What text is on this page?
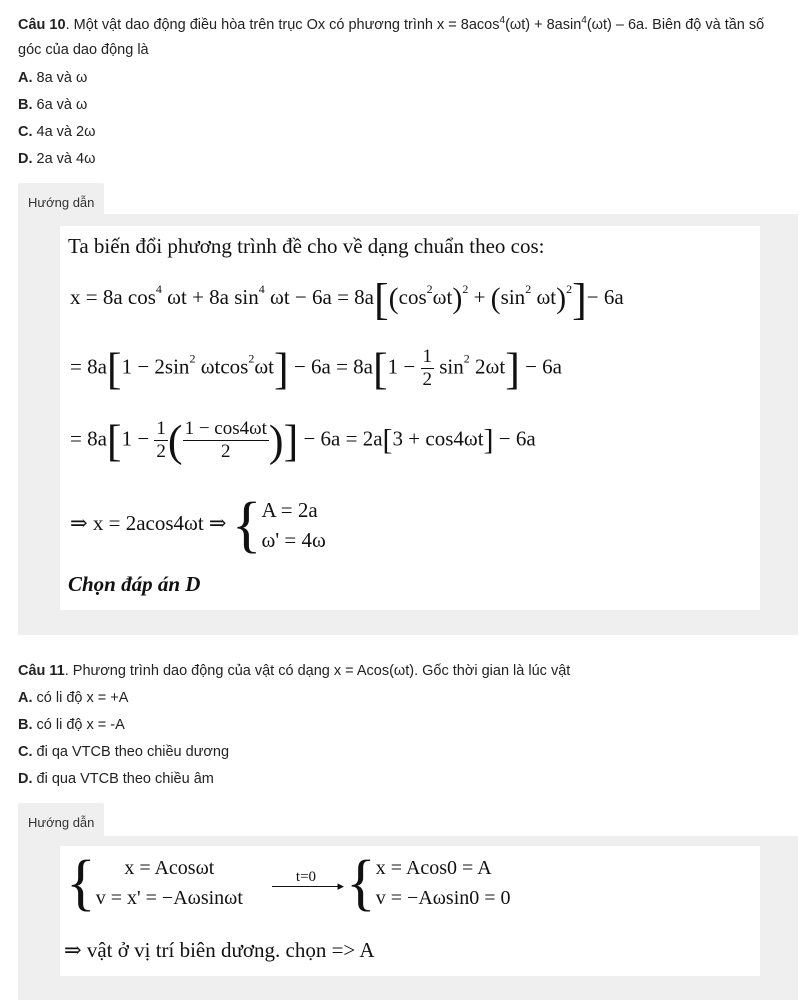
Câu 10. Một vật dao động điều hòa trên trục Ox có phương trình x = 8acos$^4$(ωt) + 8asin$^4$(ωt) – 6a. Biên độ và tần số góc của dao động là
A. 8a và ω
B. 6a và ω
C. 4a và 2ω
D. 2a và 4ω
Hướng dẫn
Ta biến đổi phương trình đề cho về dạng chuẩn theo cos:
x = 8a $\cos^4 \omega t + 8a$ $\sin^4 \omega t - 6a = 8a[(\cos^2\omega t)^2 + (\sin^2$ ωt)$^2$]− 6a
= $8a[1 - 2\sin^2$ $\omega tcos^2\omega t] - 6a = 8a[1 - \frac{1}{2} \sin^2 2\omega t] - 6a$
= $8a[1 - \frac{1}{2}$ ( $\frac{1 - \cos 4\omega t}{2}$ )] − 6a = 2a[3 + cos4ωt] − 6a
⇒ x = 2acos4ωt ⇒ { A = 2a
ω' = 4ω
Chọn đáp án D
Câu 11. Phương trình dao động của vật có dạng x = Acos(ωt). Gốc thời gian là lúc vật
A. có li độ x = +A
B. có li độ x = -A
C. đi qa VTCB theo chiều dương
D. đi qua VTCB theo chiều âm
Hướng dẫn
{	x = Acosωt
v = x' = −Aωsinωt
t=0
▸ { x = Acos0 = A
v = −Aωsin0 = 0
⇒ vật ở vị trí biên dương. chọn => A
